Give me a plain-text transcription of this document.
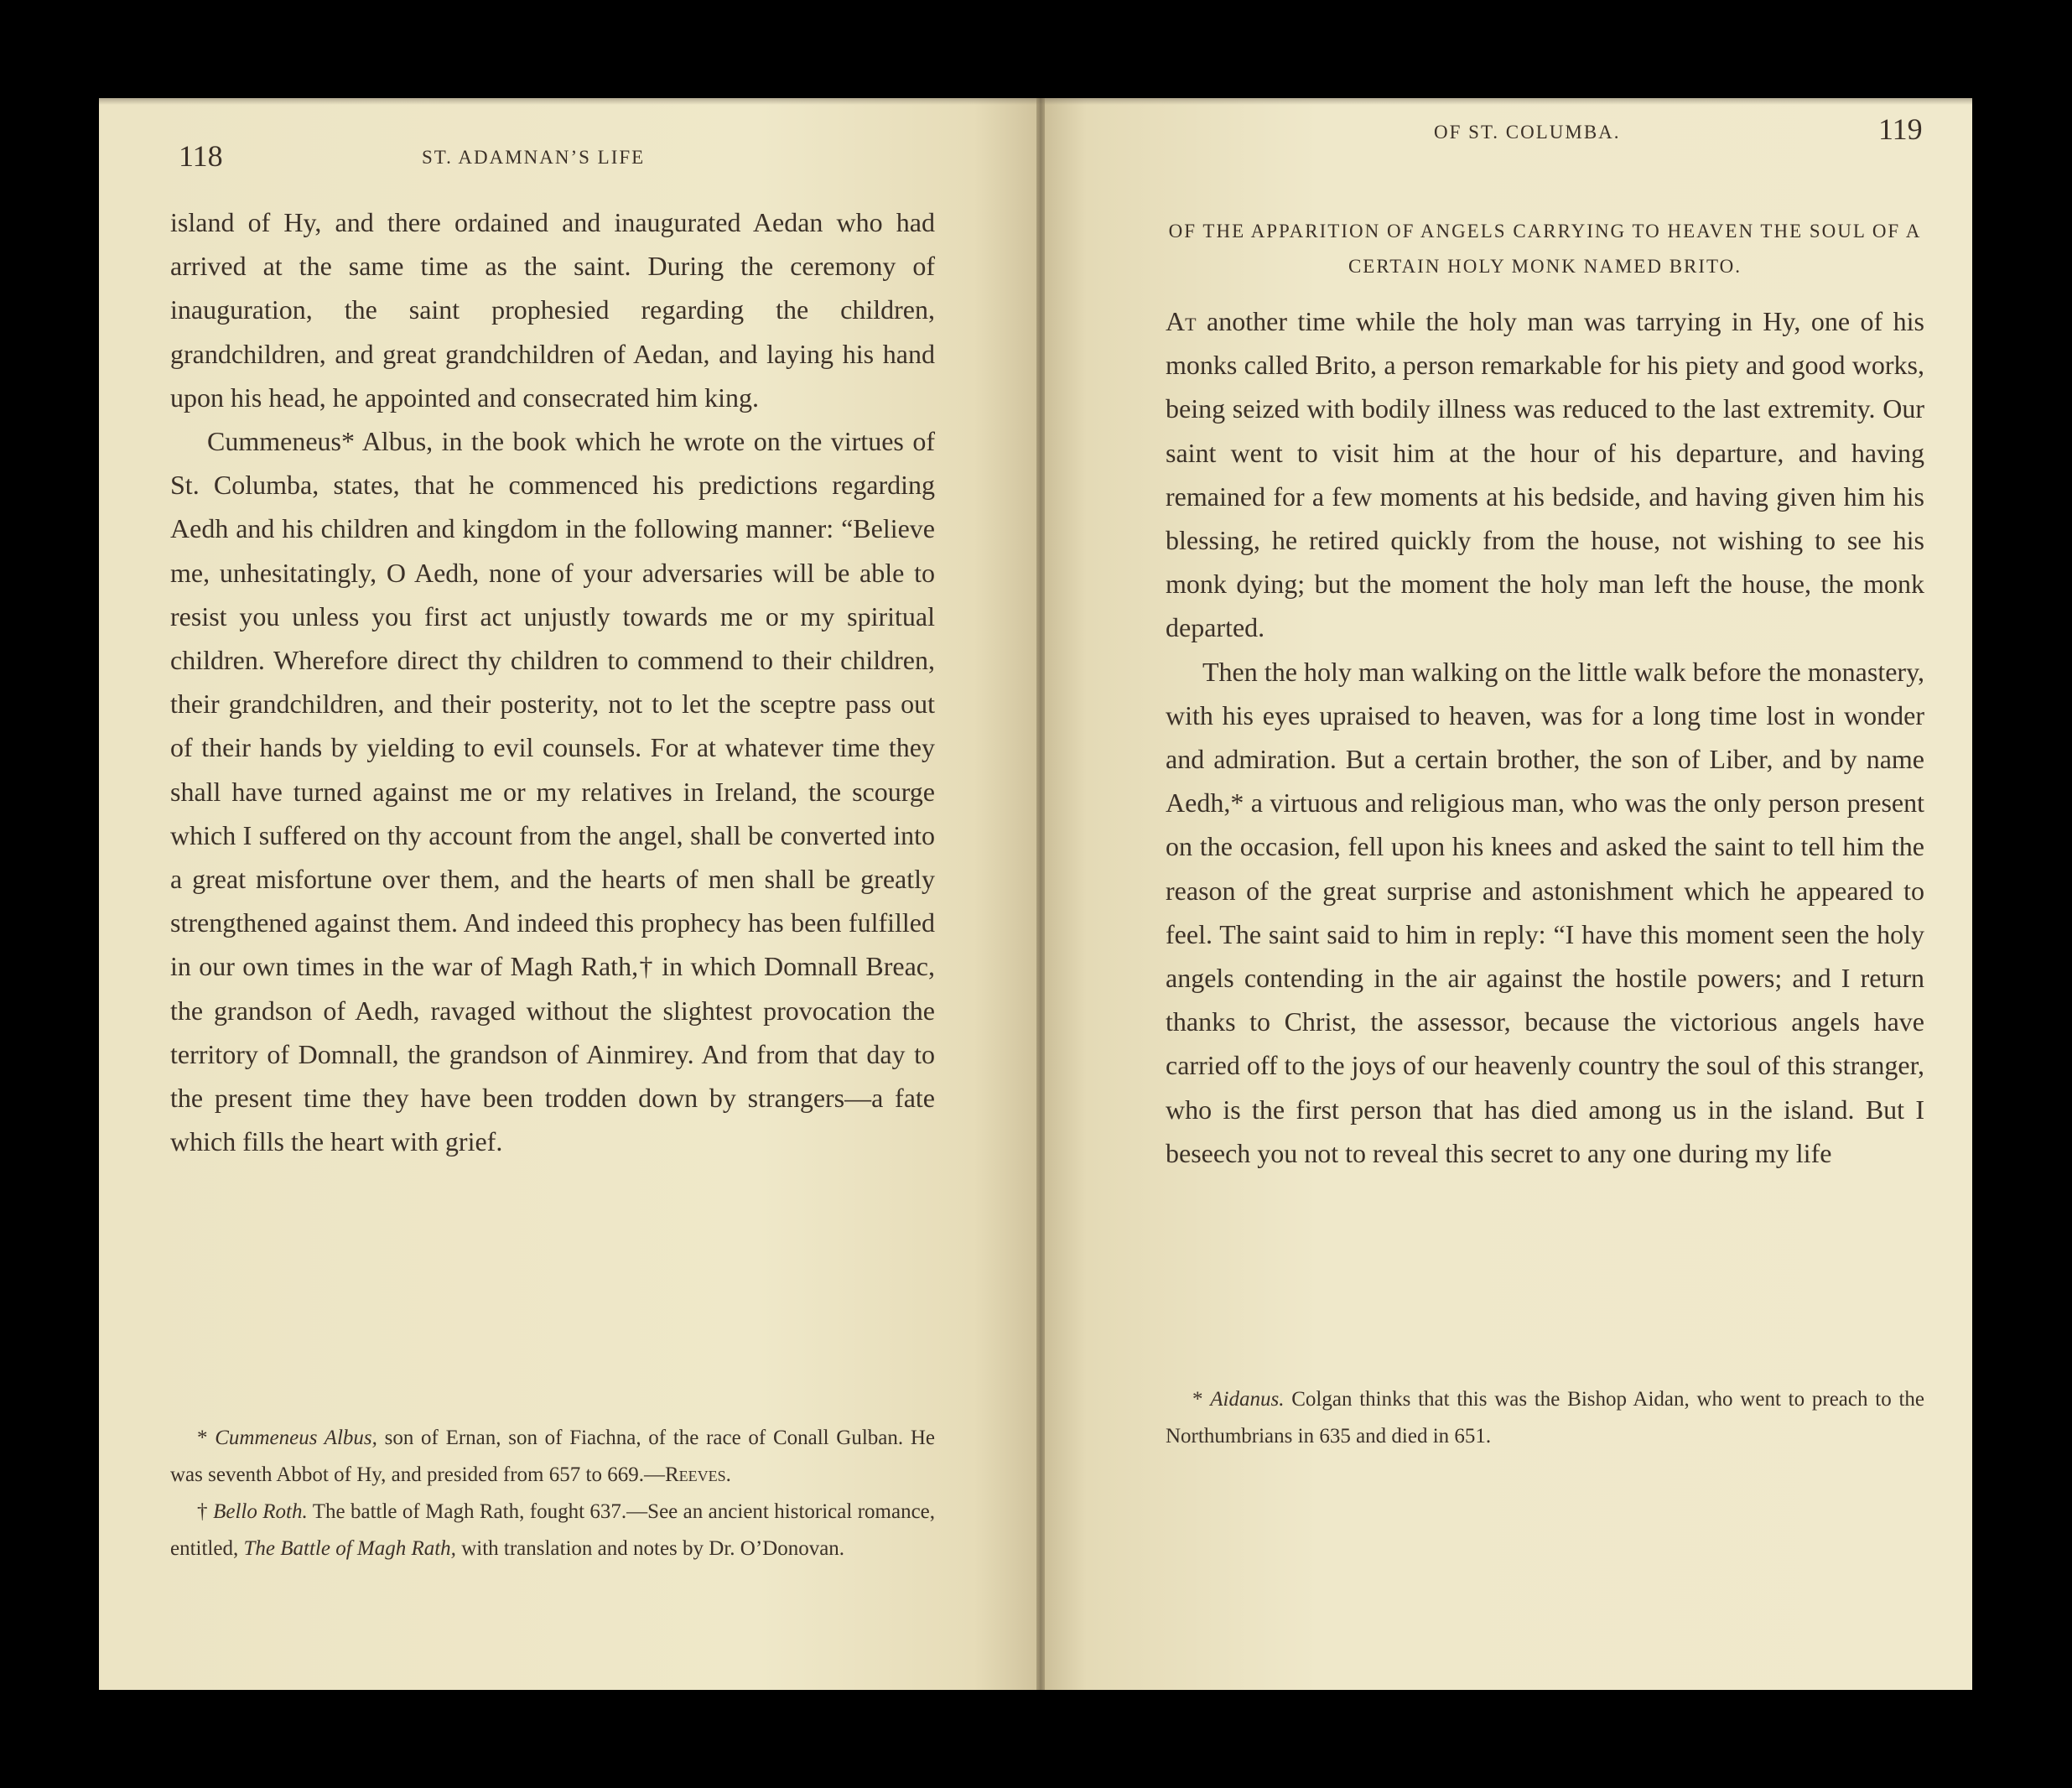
118	ST. ADAMNAN’S LIFE

island of Hy, and there ordained and inaugurated Aedan who had arrived at the same time as the saint. During the ceremony of inauguration, the saint prophesied regarding the children, grandchildren, and great grandchildren of Aedan, and laying his hand upon his head, he appointed and consecrated him king.

Cummeneus* Albus, in the book which he wrote on the virtues of St. Columba, states, that he commenced his predictions regarding Aedh and his children and kingdom in the following manner: “Believe me, unhesitatingly, O Aedh, none of your adversaries will be able to resist you unless you first act unjustly towards me or my spiritual children. Wherefore direct thy children to commend to their children, their grandchildren, and their posterity, not to let the sceptre pass out of their hands by yielding to evil counsels. For at whatever time they shall have turned against me or my relatives in Ireland, the scourge which I suffered on thy account from the angel, shall be converted into a great misfortune over them, and the hearts of men shall be greatly strengthened against them. And indeed this prophecy has been fulfilled in our own times in the war of Magh Rath,† in which Domnall Breac, the grandson of Aedh, ravaged without the slightest provocation the territory of Domnall, the grandson of Ainmirey. And from that day to the present time they have been trodden down by strangers—a fate which fills the heart with grief.

* Cummeneus Albus, son of Ernan, son of Fiachna, of the race of Conall Gulban. He was seventh Abbot of Hy, and presided from 657 to 669.—Reeves.

† Bello Roth. The battle of Magh Rath, fought 637.—See an ancient historical romance, entitled, The Battle of Magh Rath, with translation and notes by Dr. O’Donovan.

OF ST. COLUMBA.	119
OF THE APPARITION OF ANGELS CARRYING TO HEAVEN THE SOUL OF A CERTAIN HOLY MONK NAMED BRITO.

At another time while the holy man was tarrying in Hy, one of his monks called Brito, a person remarkable for his piety and good works, being seized with bodily illness was reduced to the last extremity. Our saint went to visit him at the hour of his departure, and having remained for a few moments at his bedside, and having given him his blessing, he retired quickly from the house, not wishing to see his monk dying; but the moment the holy man left the house, the monk departed.

Then the holy man walking on the little walk before the monastery, with his eyes upraised to heaven, was for a long time lost in wonder and admiration. But a certain brother, the son of Liber, and by name Aedh,* a virtuous and religious man, who was the only person present on the occasion, fell upon his knees and asked the saint to tell him the reason of the great surprise and astonishment which he appeared to feel. The saint said to him in reply: “I have this moment seen the holy angels contending in the air against the hostile powers; and I return thanks to Christ, the assessor, because the victorious angels have carried off to the joys of our heavenly country the soul of this stranger, who is the first person that has died among us in the island. But I beseech you not to reveal this secret to any one during my life

* Aidanus. Colgan thinks that this was the Bishop Aidan, who went to preach to the Northumbrians in 635 and died in 651.
